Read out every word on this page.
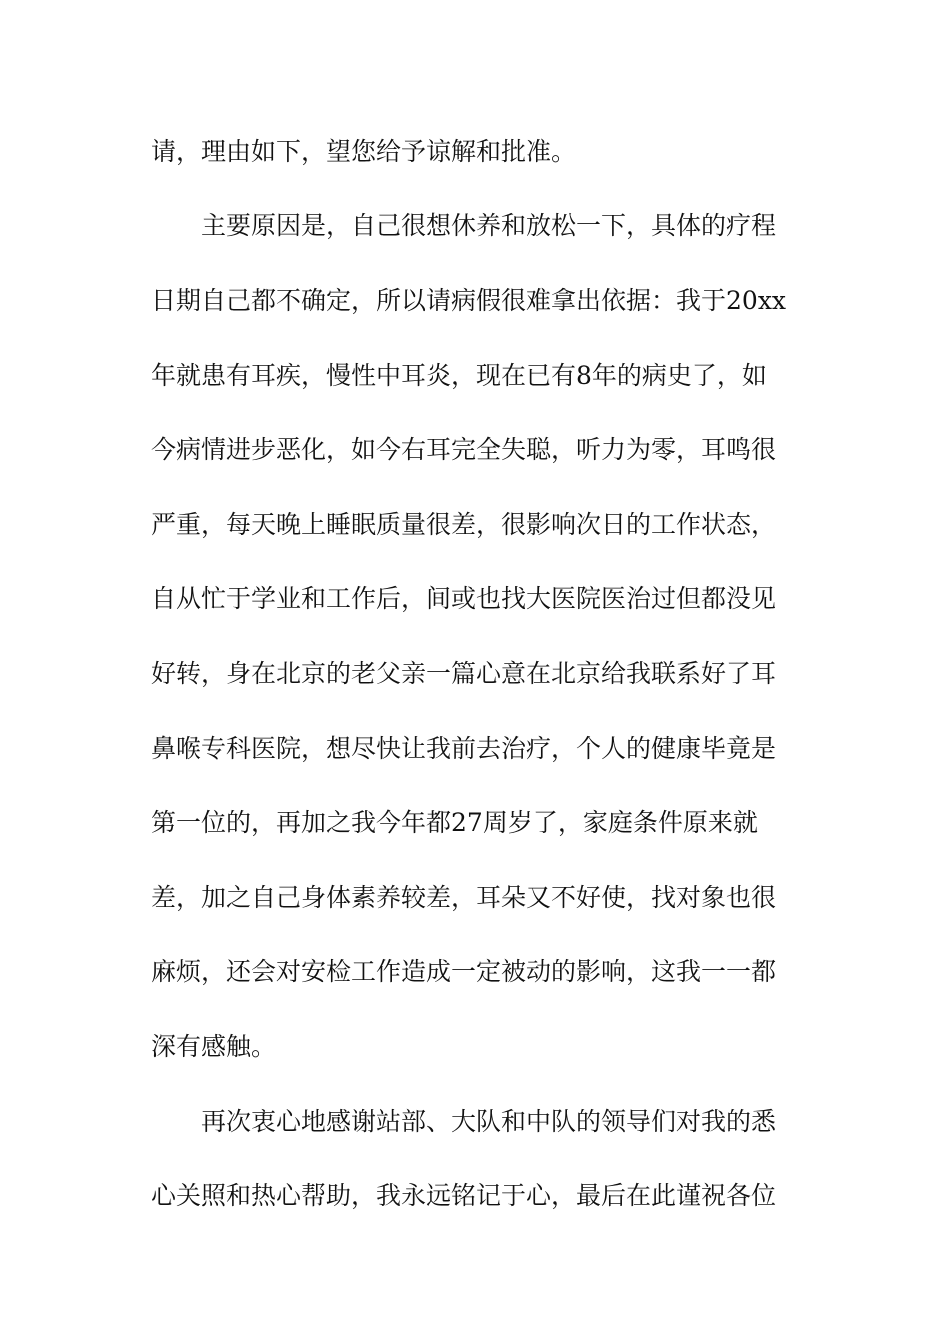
请，理由如下，望您给予谅解和批准。
主要原因是，自己很想休养和放松一下，具体的疗程
日期自己都不确定，所以请病假很难拿出依据：我于20xx
年就患有耳疾，慢性中耳炎，现在已有8年的病史了，如
今病情进步恶化，如今右耳完全失聪，听力为零，耳鸣很
严重，每天晚上睡眠质量很差，很影响次日的工作状态，
自从忙于学业和工作后，间或也找大医院医治过但都没见
好转，身在北京的老父亲一篇心意在北京给我联系好了耳
鼻喉专科医院，想尽快让我前去治疗，个人的健康毕竟是
第一位的，再加之我今年都27周岁了，家庭条件原来就
差，加之自己身体素养较差，耳朵又不好使，找对象也很
麻烦，还会对安检工作造成一定被动的影响，这我一一都
深有感触。
再次衷心地感谢站部、大队和中队的领导们对我的悉
心关照和热心帮助，我永远铭记于心，最后在此谨祝各位
